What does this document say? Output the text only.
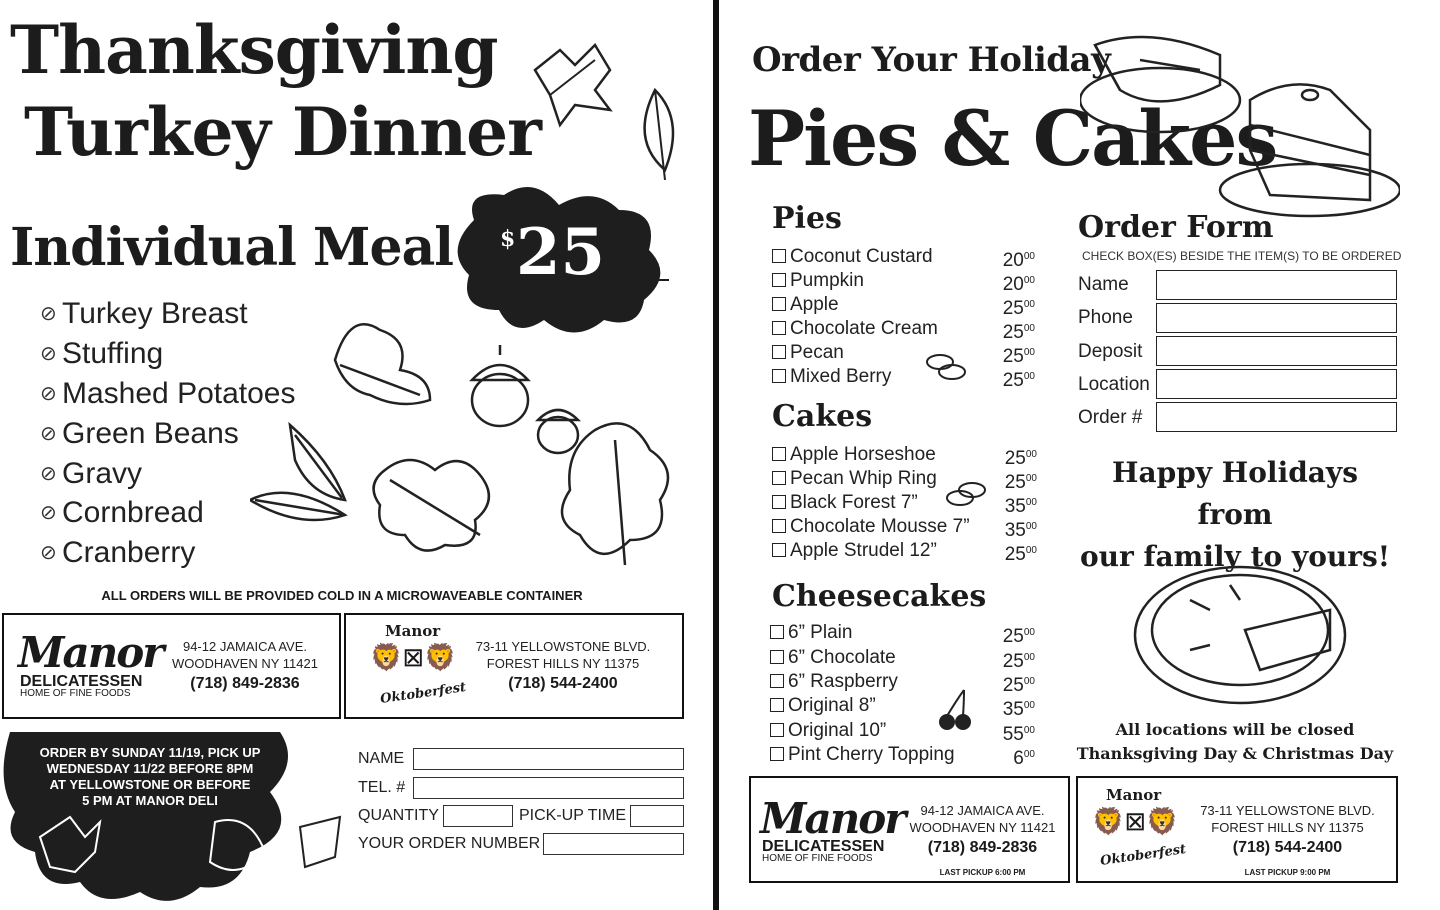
Thanksgiving
Turkey Dinner
Individual Meal $ 25
⊘ Turkey Breast
⊘ Stuffing
⊘ Mashed Potatoes
⊘ Green Beans
⊘ Gravy
⊘ Cornbread
⊘ Cranberry
ALL ORDERS WILL BE PROVIDED COLD IN A MICROWAVEABLE CONTAINER
Manor
DELICATESSEN
HOME OF FINE FOODS
94-12 JAMAICA AVE.
WOODHAVEN NY 11421
(718) 849-2836
Manor
🦁⊠🦁
Oktoberfest
73-11 YELLOWSTONE BLVD.
FOREST HILLS NY 11375
(718) 544-2400
ORDER BY SUNDAY 11/19, PICK UP
WEDNESDAY 11/22 BEFORE 8PM
AT YELLOWSTONE OR BEFORE
5 PM AT MANOR DELI
NAME
TEL. #
QUANTITY	PICK-UP TIME
YOUR ORDER NUMBER
Order Your Holiday
Pies & Cakes
Pies
Coconut Custard	$20^{00}$
Pumpkin	$20^{00}$
Apple	$25^{00}$
Chocolate Cream	$25^{00}$
Pecan	$25^{00}$
Mixed Berry	$25^{00}$
Cakes
Apple Horseshoe	$25^{00}$
Pecan Whip Ring	$25^{00}$
Black Forest 7”	$35^{00}$
Chocolate Mousse 7”	$35^{00}$
Apple Strudel 12”	$25^{00}$
Cheesecakes
6” Plain	$25^{00}$
6” Chocolate	$25^{00}$
6” Raspberry	$25^{00}$
Original 8”	$35^{00}$
Original 10”	$55^{00}$
Pint Cherry Topping	$6^{00}$
Order Form
CHECK BOX(ES) BESIDE THE ITEM(S) TO BE ORDERED
Name
Phone
Deposit
Location
Order #
Happy Holidays from
our family to yours!
All locations will be closed
Thanksgiving Day & Christmas Day
Manor
DELICATESSEN
HOME OF FINE FOODS
94-12 JAMAICA AVE.
WOODHAVEN NY 11421
(718) 849-2836
LAST PICKUP 6:00 PM
Manor
🦁⊠🦁
Oktoberfest
73-11 YELLOWSTONE BLVD.
FOREST HILLS NY 11375
(718) 544-2400
LAST PICKUP 9:00 PM
